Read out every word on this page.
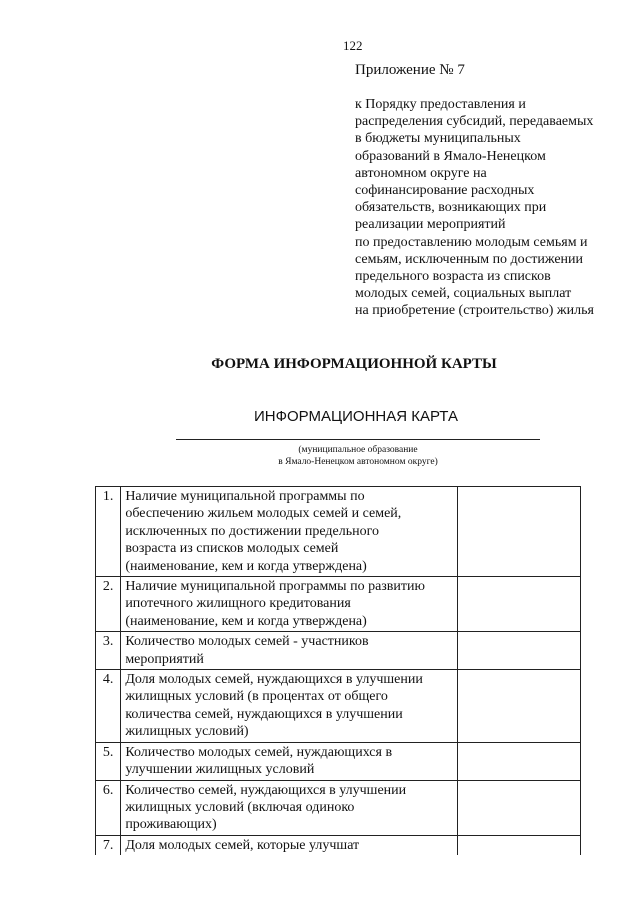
122
Приложение № 7
к Порядку предоставления и
распределения субсидий, передаваемых
в бюджеты муниципальных
образований в Ямало-Ненецком
автономном округе на
софинансирование расходных
обязательств, возникающих при
реализации мероприятий
по предоставлению молодым семьям и
семьям, исключенным по достижении
предельного возраста из списков
молодых семей, социальных выплат
на приобретение (строительство) жилья
ФОРМА ИНФОРМАЦИОННОЙ КАРТЫ
ИНФОРМАЦИОННАЯ КАРТА
(муниципальное образование
в Ямало-Ненецком автономном округе)
1.	Наличие муниципальной программы по
обеспечению жильем молодых семей и семей,
исключенных по достижении предельного
возраста из списков молодых семей
(наименование, кем и когда утверждена)	

2.	Наличие муниципальной программы по развитию
ипотечного жилищного кредитования
(наименование, кем и когда утверждена)	

3.	Количество молодых семей - участников
мероприятий	

4.	Доля молодых семей, нуждающихся в улучшении
жилищных условий (в процентах от общего
количества семей, нуждающихся в улучшении
жилищных условий)	

5.	Количество молодых семей, нуждающихся в
улучшении жилищных условий	

6.	Количество семей, нуждающихся в улучшении
жилищных условий (включая одиноко
проживающих)	

7.	Доля молодых семей, которые улучшат	
